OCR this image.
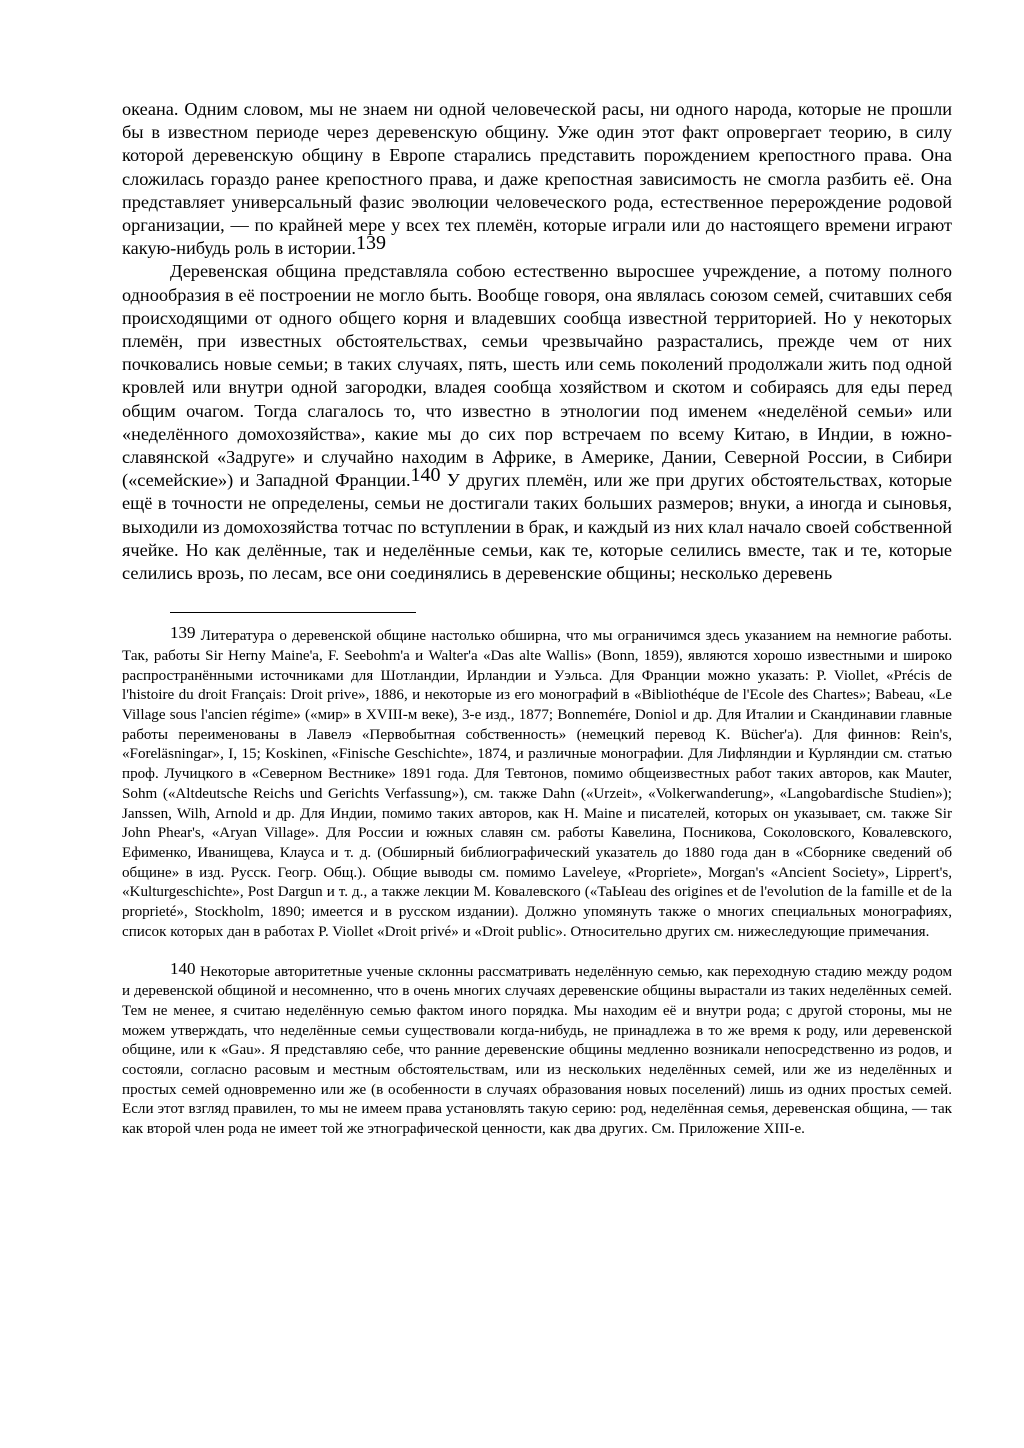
океана. Одним словом, мы не знаем ни одной человеческой расы, ни одного народа, которые не прошли бы в известном периоде через деревенскую общину. Уже один этот факт опровергает теорию, в силу которой деревенскую общину в Европе старались представить порождением крепостного права. Она сложилась гораздо ранее крепостного права, и даже крепостная зависимость не смогла разбить её. Она представляет универсальный фазис эволюции человеческого рода, естественное перерождение родовой организации, — по крайней мере у всех тех племён, которые играли или до настоящего времени играют какую-нибудь роль в истории.139

Деревенская община представляла собою естественно выросшее учреждение, а потому полного однообразия в её построении не могло быть. Вообще говоря, она являлась союзом семей, считавших себя происходящими от одного общего корня и владевших сообща известной территорией. Но у некоторых племён, при известных обстоятельствах, семьи чрезвычайно разрастались, прежде чем от них почковались новые семьи; в таких случаях, пять, шесть или семь поколений продолжали жить под одной кровлей или внутри одной загородки, владея сообща хозяйством и скотом и собираясь для еды перед общим очагом. Тогда слагалось то, что известно в этнологии под именем «неделёной семьи» или «неделённого домохозяйства», какие мы до сих пор встречаем по всему Китаю, в Индии, в южно-славянской «Задруге» и случайно находим в Африке, в Америке, Дании, Северной России, в Сибири («семейские») и Западной Франции.140 У других племён, или же при других обстоятельствах, которые ещё в точности не определены, семьи не достигали таких больших размеров; внуки, а иногда и сыновья, выходили из домохозяйства тотчас по вступлении в брак, и каждый из них клал начало своей собственной ячейке. Но как делённые, так и неделённые семьи, как те, которые селились вместе, так и те, которые селились врозь, по лесам, все они соединялись в деревенские общины; несколько деревень

139 Литература о деревенской общине настолько обширна, что мы ограничимся здесь указанием на немногие работы. Так, работы Sir Herny Maine'a, F. Seebohm'a и Walter'a «Das alte Wallis» (Bonn, 1859), являются хорошо известными и широко распространёнными источниками для Шотландии, Ирландии и Уэльса. Для Франции можно указать: P. Viollet, «Précis de l'histoire du droit Français: Droit prive», 1886, и некоторые из его монографий в «Bibliothéque de l'Ecole des Chartes»; Babeau, «Le Village sous l'ancien régime» («мир» в XVIII-м веке), 3-е изд., 1877; Bonnemére, Doniol и др. Для Италии и Скандинавии главные работы переименованы в Лавелэ «Первобытная собственность» (немецкий перевод K. Bücher'a). Для финнов: Rein's, «Foreläsningar», I, 15; Koskinen, «Finische Geschichte», 1874, и различные монографии. Для Лифляндии и Курляндии см. статью проф. Лучицкого в «Северном Вестнике» 1891 года. Для Тевтонов, помимо общеизвестных работ таких авторов, как Mauter, Sohm («Altdeutsche Reichs und Gerichts Verfassung»), см. также Dahn («Urzeit», «Volkerwanderung», «Langobardische Studien»); Janssen, Wilh, Arnold и др. Для Индии, помимо таких авторов, как H. Maine и писателей, которых он указывает, см. также Sir John Phear's, «Aryan Village». Для России и южных славян см. работы Кавелина, Посникова, Соколовского, Ковалевского, Ефименко, Иванищева, Клауса и т. д. (Обширный библиографический указатель до 1880 года дан в «Сборнике сведений об общине» в изд. Русск. Геогр. Общ.). Общие выводы см. помимо Laveleye, «Propriete», Morgan's «Ancient Society», Lippert's, «Kulturgeschichte», Post Dargun и т. д., а также лекции М. Ковалевского («TaЫeau des origines et de l'evolution de la famille et de la proprieté», Stockholm, 1890; имеется и в русском издании). Должно упомянуть также о многих специальных монографиях, список которых дан в работах P. Viollet «Droit privé» и «Droit public». Относительно других см. нижеследующие примечания.

140 Некоторые авторитетные ученые склонны рассматривать неделённую семью, как переходную стадию между родом и деревенской общиной и несомненно, что в очень многих случаях деревенские общины вырастали из таких неделённых семей. Тем не менее, я считаю неделённую семью фактом иного порядка. Мы находим её и внутри рода; с другой стороны, мы не можем утверждать, что неделённые семьи существовали когда-нибудь, не принадлежа в то же время к роду, или деревенской общине, или к «Gau». Я представляю себе, что ранние деревенские общины медленно возникали непосредственно из родов, и состояли, согласно расовым и местным обстоятельствам, или из нескольких неделённых семей, или же из неделённых и простых семей одновременно или же (в особенности в случаях образования новых поселений) лишь из одних простых семей. Если этот взгляд правилен, то мы не имеем права установлять такую серию: род, неделённая семья, деревенская община, — так как второй член рода не имеет той же этнографической ценности, как два других. См. Приложение XIII-е.
